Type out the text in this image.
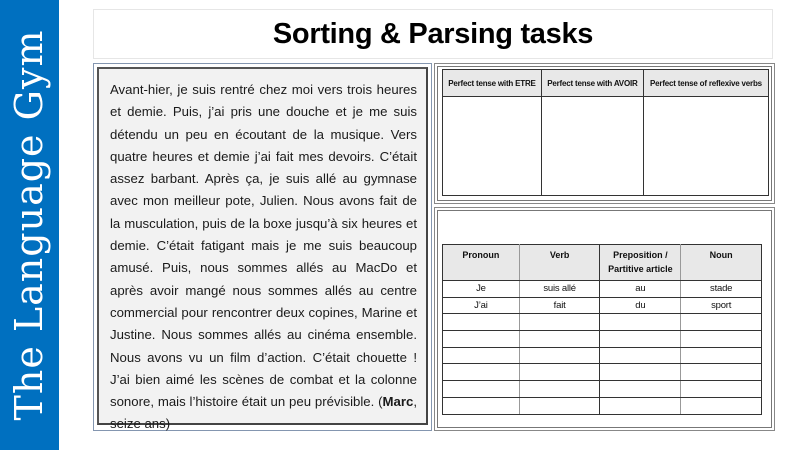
The Language Gym	Sorting & Parsing tasks

Avant-hier, je suis rentré chez moi vers trois heures et demie. Puis, j’ai pris une douche et je me suis détendu un peu en écoutant de la musique. Vers quatre heures et demie j’ai fait mes devoirs. C’était assez barbant. Après ça, je suis allé au gymnase avec mon meilleur pote, Julien. Nous avons fait de la musculation, puis de la boxe jusqu’à six heures et demie. C’était fatigant mais je me suis beaucoup amusé. Puis, nous sommes allés au MacDo et après avoir mangé nous sommes allés au centre commercial pour rencontrer deux copines, Marine et Justine. Nous sommes allés au cinéma ensemble. Nous avons vu un film d’action. C’était chouette ! J’ai bien aimé les scènes de combat et la colonne sonore, mais l’histoire était un peu prévisible. (Marc, seize ans)

Perfect tense with ETRE	Perfect tense with AVOIR	Perfect tense of reflexive verbs

Pronoun	Verb	Preposition / Partitive article	Noun
Je	suis allé	au	stade
J’ai	fait	du	sport
